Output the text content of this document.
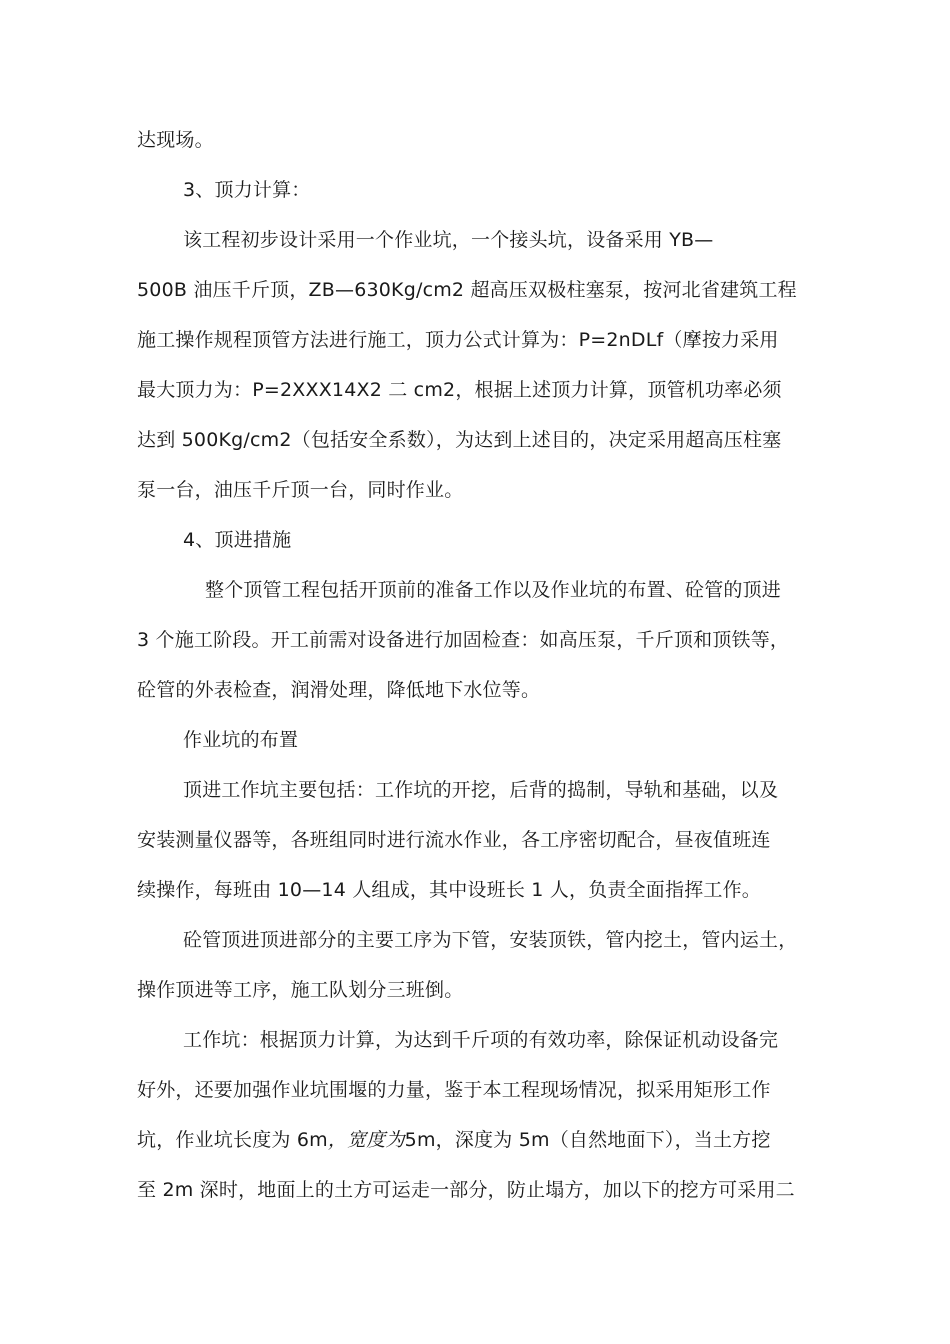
达现场。
3、顶力计算：
该工程初步设计采用一个作业坑，一个接头坑，设备采用 YB—
500B 油压千斤顶，ZB—630Kg/cm2 超高压双极柱塞泵，按河北省建筑工程
施工操作规程顶管方法进行施工，顶力公式计算为：P=2nDLf（摩按力采用
最大顶力为：P=2XXX14X2 二 cm2，根据上述顶力计算，顶管机功率必须
达到 500Kg/cm2（包括安全系数），为达到上述目的，决定采用超高压柱塞
泵一台，油压千斤顶一台，同时作业。
4、顶进措施
整个顶管工程包括开顶前的准备工作以及作业坑的布置、砼管的顶进
3 个施工阶段。开工前需对设备进行加固检查：如高压泵，千斤顶和顶铁等，
砼管的外表检查，润滑处理，降低地下水位等。
作业坑的布置
顶进工作坑主要包括：工作坑的开挖，后背的捣制，导轨和基础，以及
安装测量仪器等，各班组同时进行流水作业，各工序密切配合，昼夜值班连
续操作，每班由 10—14 人组成，其中设班长 1 人，负责全面指挥工作。
砼管顶进顶进部分的主要工序为下管，安装顶铁，管内挖土，管内运土，
操作顶进等工序，施工队划分三班倒。
工作坑：根据顶力计算，为达到千斤项的有效功率，除保证机动设备完
好外，还要加强作业坑围堰的力量，鉴于本工程现场情况，拟采用矩形工作
坑，作业坑长度为 6m，宽度为5m，深度为 5m（自然地面下），当土方挖
至 2m 深时，地面上的土方可运走一部分，防止塌方，加以下的挖方可采用二
